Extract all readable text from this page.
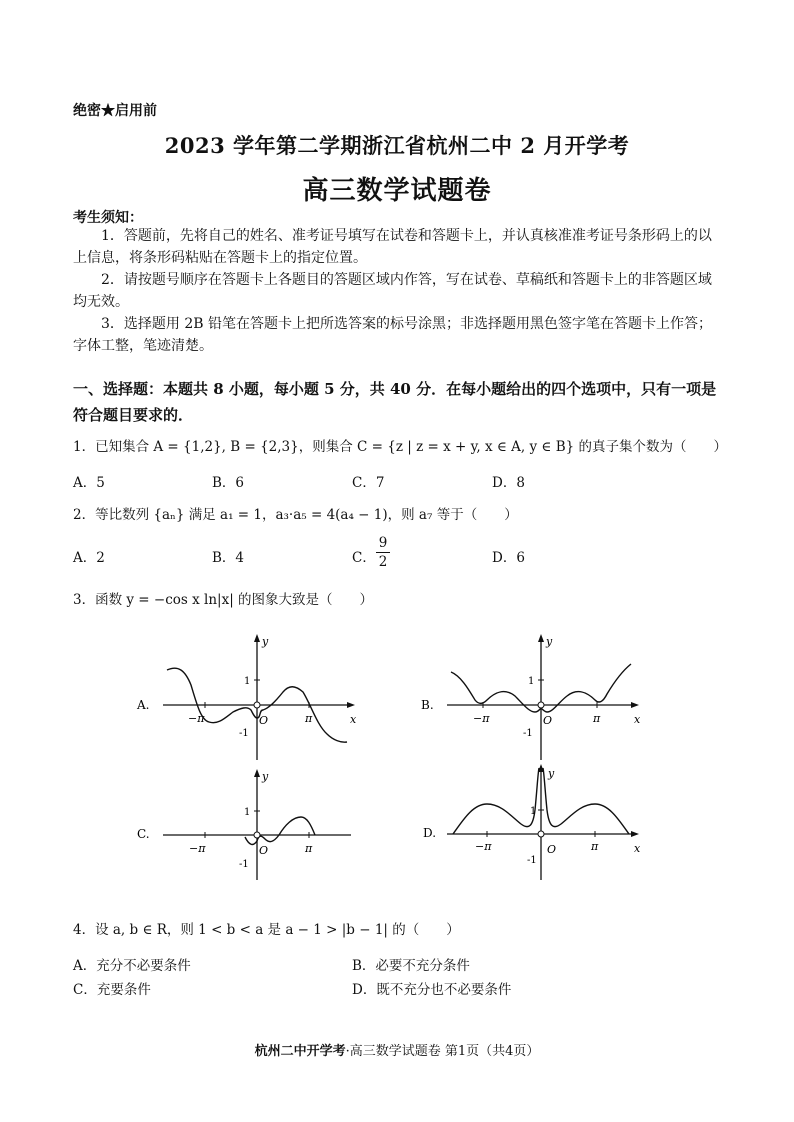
绝密★启用前
2023 学年第二学期浙江省杭州二中 2 月开学考
高三数学试题卷
考生须知：
1．答题前，先将自己的姓名、准考证号填写在试卷和答题卡上，并认真核准准考证号条形码上的以上信息，将条形码粘贴在答题卡上的指定位置。
2．请按题号顺序在答题卡上各题目的答题区域内作答，写在试卷、草稿纸和答题卡上的非答题区域均无效。
3．选择题用 2B 铅笔在答题卡上把所选答案的标号涂黑；非选择题用黑色签字笔在答题卡上作答；字体工整，笔迹清楚。
一、选择题：本题共 8 小题，每小题 5 分，共 40 分．在每小题给出的四个选项中，只有一项是符合题目要求的．
1．已知集合 A = {1,2}, B = {2,3}，则集合 C = {z | z = x + y, x ∈ A, y ∈ B} 的真子集个数为（　　）
A．5	B．6	C．7	D．8
2．等比数列 {aₙ} 满足 a₁ = 1，a₃·a₅ = 4(a₄ − 1)，则 a₇ 等于（　　）
A．2	B．4	C． $\frac{9}{2}$	D．6
3．函数 y = −cos x ln|x| 的图象大致是（　　）
A.
y
x
O
1
-1
−π	π
B.
y
x
O
1
-1
−π	π
C.
y
O
1
-1
−π	π
D.
y
x
O
1
-1
−π	π
4．设 a, b ∈ R，则 1 < b < a 是 a − 1 > |b − 1| 的（　　）
A．充分不必要条件	B．必要不充分条件
C．充要条件	D．既不充分也不必要条件
杭州二中开学考·高三数学试题卷 第1页（共4页）
